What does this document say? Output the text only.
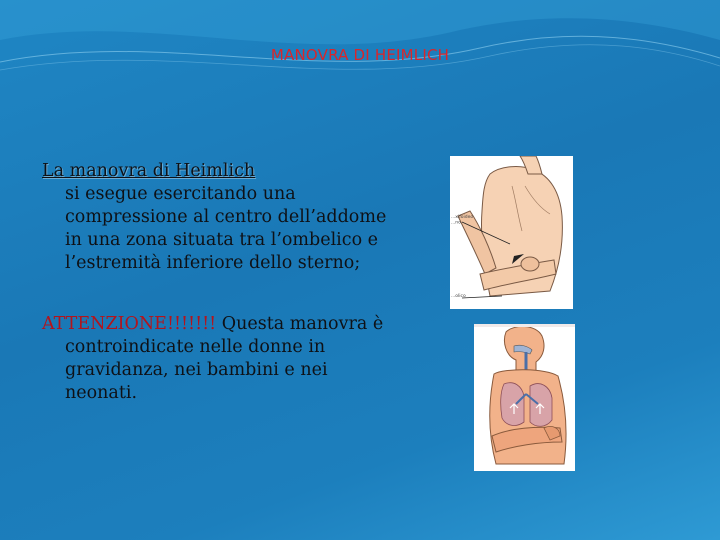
MANOVRA DI HEIMLICH

La manovra di Heimlich
si esegue esercitando una compressione al centro dell’addome in una zona situata tra l’ombelico e l’estremità inferiore dello sterno;

ATTENZIONE!!!!!!! Questa manovra è controindicate nelle donne in gravidanza, nei bambini e nei neonati.

...xifoideo ...no
...olico
